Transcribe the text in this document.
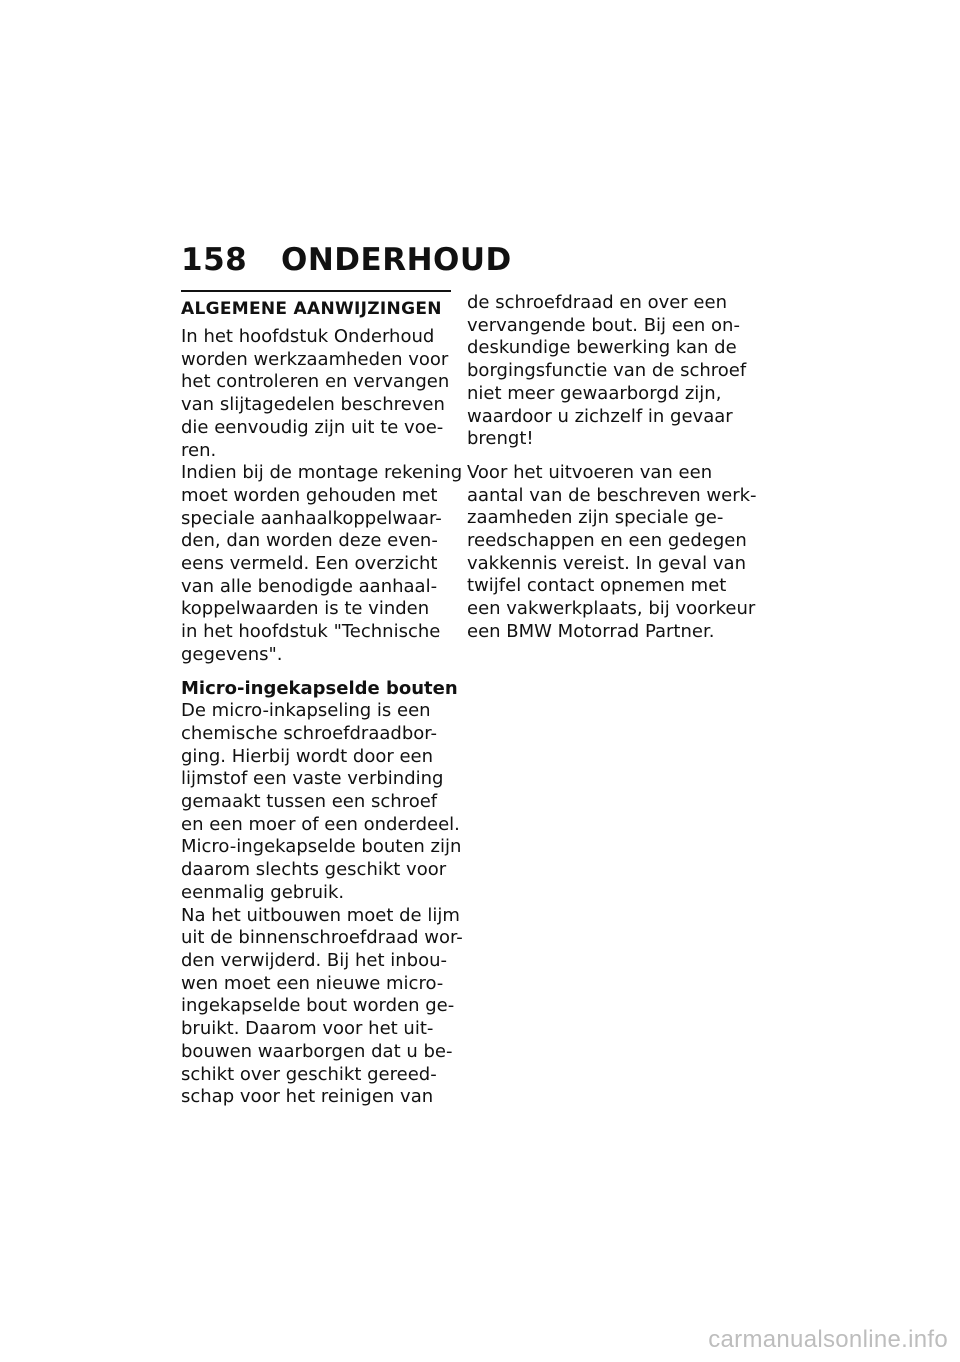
158 ONDERHOUD
ALGEMENE AANWIJZINGEN
In het hoofdstuk Onderhoud
worden werkzaamheden voor
het controleren en vervangen
van slijtagedelen beschreven
die eenvoudig zijn uit te voe-
ren.
Indien bij de montage rekening
moet worden gehouden met
speciale aanhaalkoppelwaar-
den, dan worden deze even-
eens vermeld. Een overzicht
van alle benodigde aanhaal-
koppelwaarden is te vinden
in het hoofdstuk "Technische
gegevens".
Micro-ingekapselde bouten
De micro-inkapseling is een
chemische schroefdraadbor-
ging. Hierbij wordt door een
lijmstof een vaste verbinding
gemaakt tussen een schroef
en een moer of een onderdeel.
Micro-ingekapselde bouten zijn
daarom slechts geschikt voor
eenmalig gebruik.
Na het uitbouwen moet de lijm
uit de binnenschroefdraad wor-
den verwijderd. Bij het inbou-
wen moet een nieuwe micro-
ingekapselde bout worden ge-
bruikt. Daarom voor het uit-
bouwen waarborgen dat u be-
schikt over geschikt gereed-
schap voor het reinigen van
de schroefdraad en over een
vervangende bout. Bij een on-
deskundige bewerking kan de
borgingsfunctie van de schroef
niet meer gewaarborgd zijn,
waardoor u zichzelf in gevaar
brengt!
Voor het uitvoeren van een
aantal van de beschreven werk-
zaamheden zijn speciale ge-
reedschappen en een gedegen
vakkennis vereist. In geval van
twijfel contact opnemen met
een vakwerkplaats, bij voorkeur
een BMW Motorrad Partner.
carmanualsonline.info
